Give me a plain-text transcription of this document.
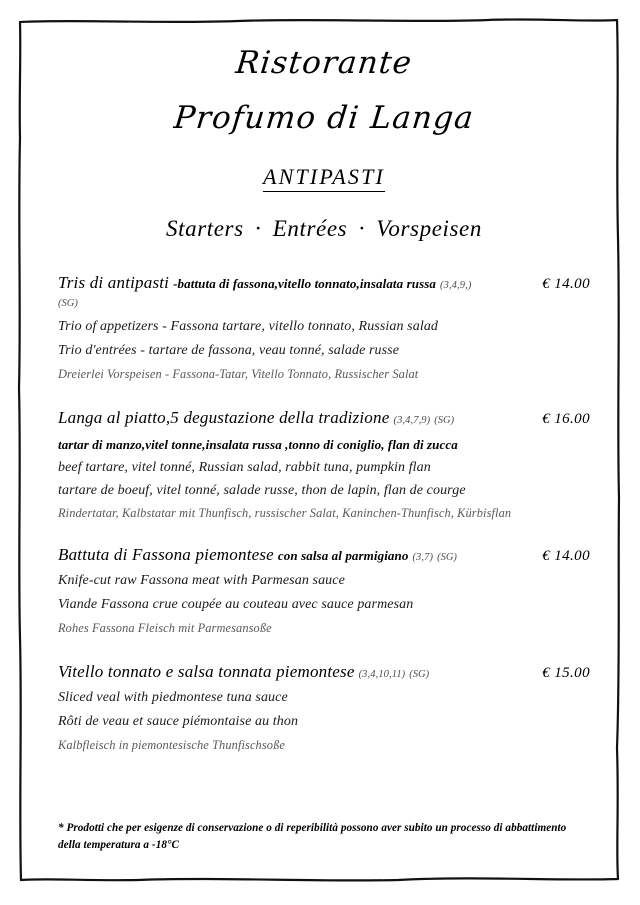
Ristorante
Profumo di Langa
ANTIPASTI
Starters · Entrées · Vorspeisen
Tris di antipasti -battuta di fassona,vitello tonnato,insalata russa (3,4,9,) (SG)
€ 14.00
Trio of appetizers - Fassona tartare, vitello tonnato, Russian salad
Trio d'entrées - tartare de fassona, veau tonné, salade russe
Dreierlei Vorspeisen - Fassona-Tatar, Vitello Tonnato, Russischer Salat
Langa al piatto,5 degustazione della tradizione (3,4,7,9) (SG)	€ 16.00
tartar di manzo,vitel tonne,insalata russa ,tonno di coniglio, flan di zucca
beef tartare, vitel tonné, Russian salad, rabbit tuna, pumpkin flan
tartare de boeuf, vitel tonné, salade russe, thon de lapin, flan de courge
Rindertatar, Kalbstatar mit Thunfisch, russischer Salat, Kaninchen-Thunfisch, Kürbisflan
Battuta di Fassona piemontese con salsa al parmigiano (3,7) (SG)	€ 14.00
Knife-cut raw Fassona meat with Parmesan sauce
Viande Fassona crue coupée au couteau avec sauce parmesan
Rohes Fassona Fleisch mit Parmesansoße
Vitello tonnato e salsa tonnata piemontese (3,4,10,11) (SG)	€ 15.00
Sliced veal with piedmontese tuna sauce
Rôti de veau et sauce piémontaise au thon
Kalbfleisch in piemontesische Thunfischsoße
* Prodotti che per esigenze di conservazione o di reperibilità possono aver subito un processo di abbattimento della temperatura a -18°C
